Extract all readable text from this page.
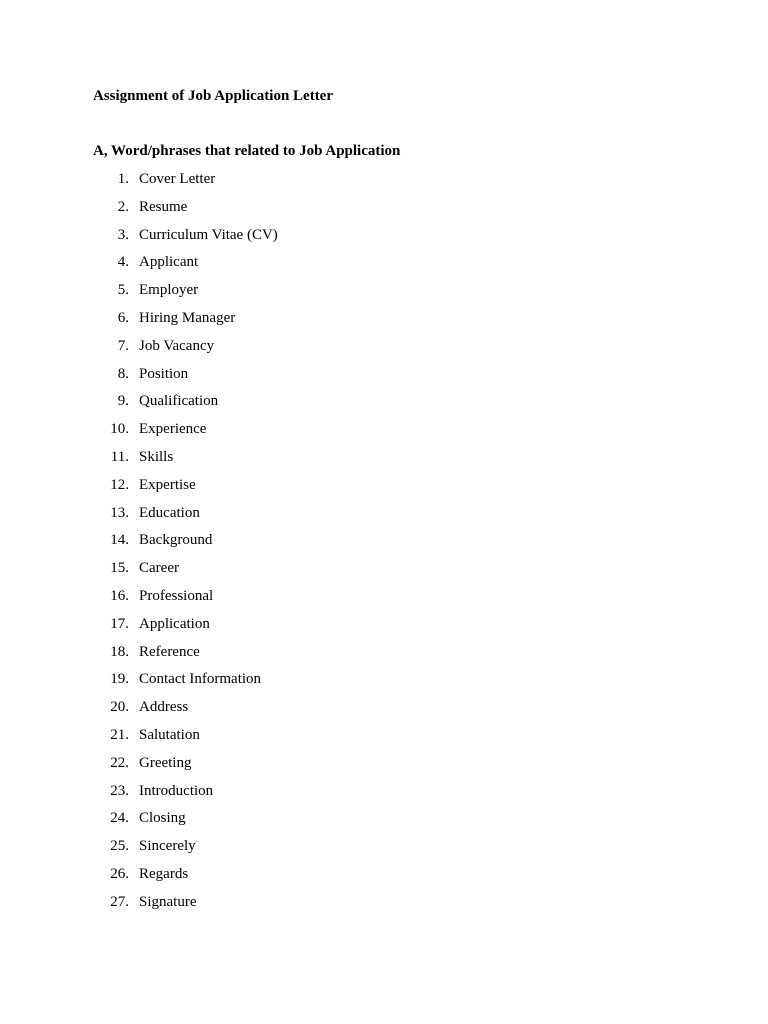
Assignment of Job Application Letter
A, Word/phrases that related to Job Application
1. Cover Letter
2. Resume
3. Curriculum Vitae (CV)
4. Applicant
5. Employer
6. Hiring Manager
7. Job Vacancy
8. Position
9. Qualification
10. Experience
11. Skills
12. Expertise
13. Education
14. Background
15. Career
16. Professional
17. Application
18. Reference
19. Contact Information
20. Address
21. Salutation
22. Greeting
23. Introduction
24. Closing
25. Sincerely
26. Regards
27. Signature
